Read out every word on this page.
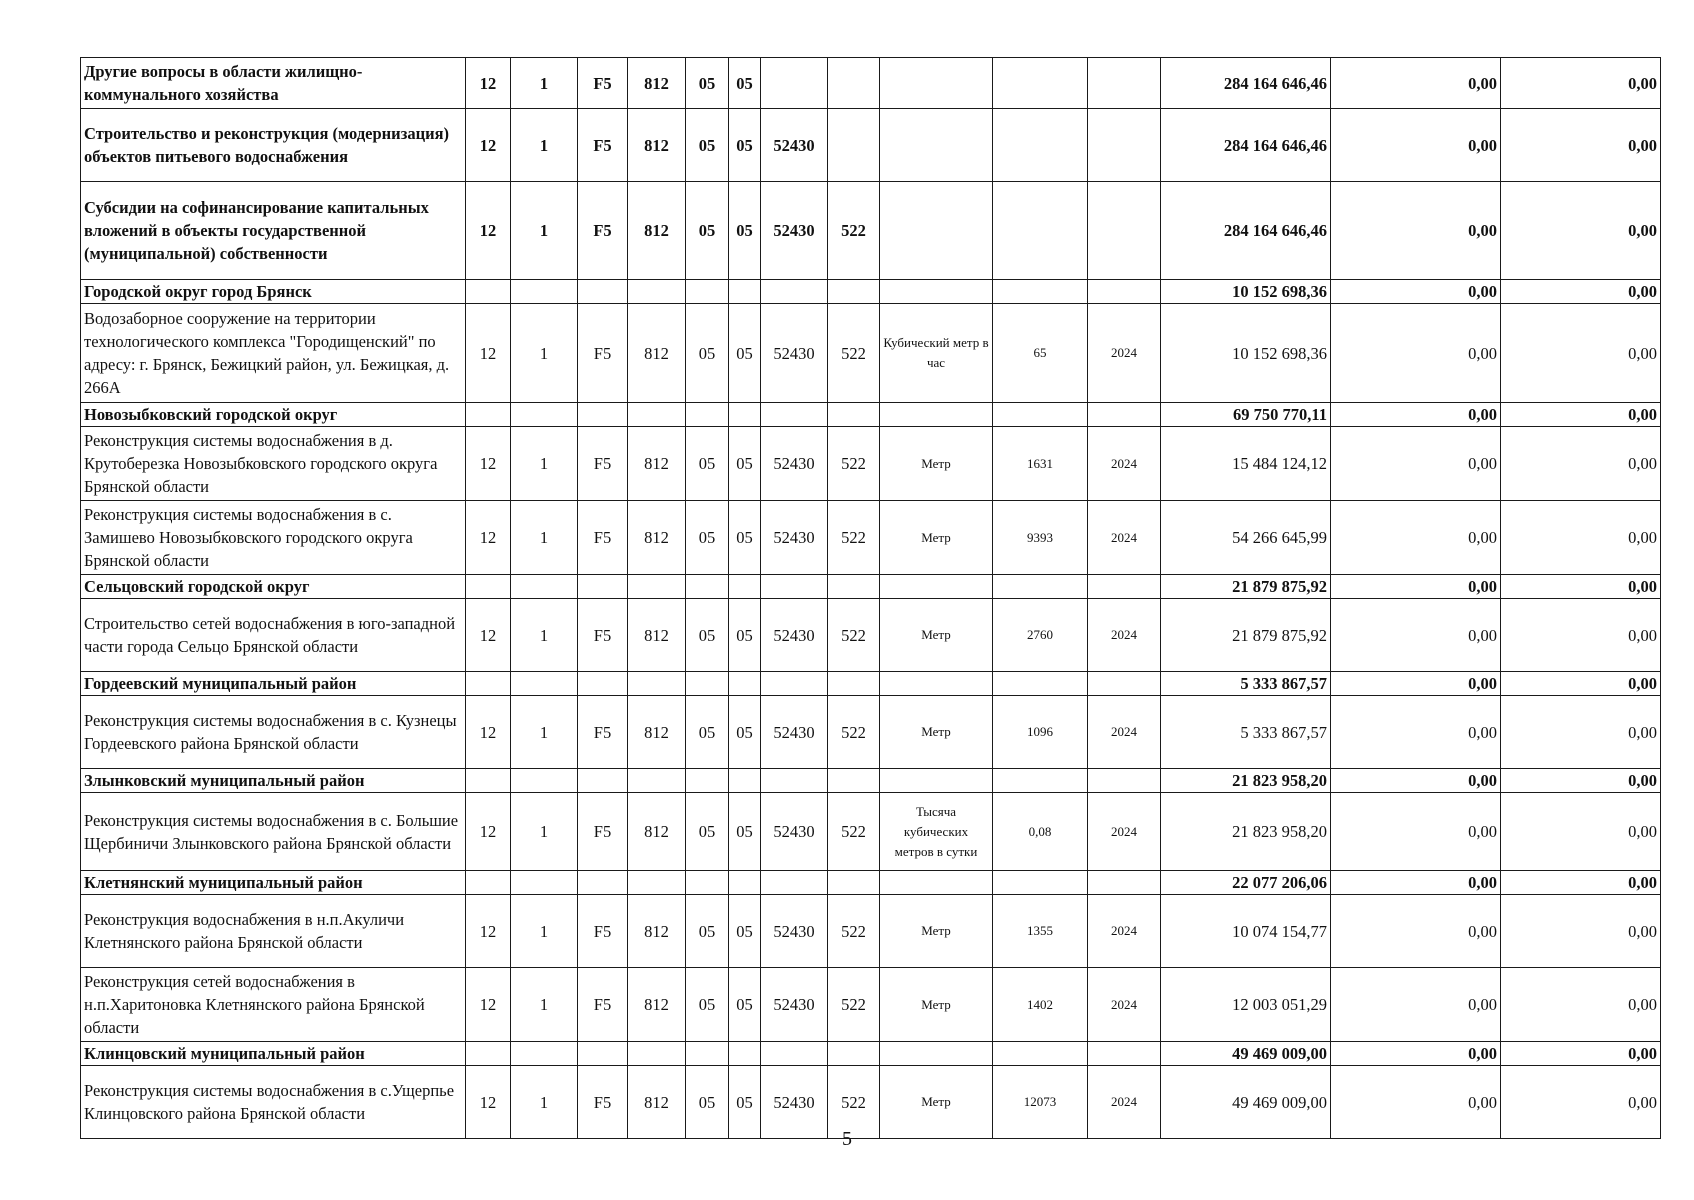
Другие вопросы в области жилищно-коммунального хозяйства	12	1	F5	812	05	05						284 164 646,46	0,00	0,00
Строительство и реконструкция (модернизация) объектов питьевого водоснабжения	12	1	F5	812	05	05	52430					284 164 646,46	0,00	0,00
Субсидии на софинансирование капитальных вложений в объекты государственной (муниципальной) собственности	12	1	F5	812	05	05	52430	522				284 164 646,46	0,00	0,00
Городской округ город Брянск												10 152 698,36	0,00	0,00
Водозаборное сооружение на территории технологического комплекса "Городищенский" по адресу: г. Брянск, Бежицкий район, ул. Бежицкая, д. 266А	12	1	F5	812	05	05	52430	522	Кубический метр в час	65	2024	10 152 698,36	0,00	0,00
Новозыбковский городской округ												69 750 770,11	0,00	0,00
Реконструкция системы водоснабжения в д. Крутоберезка Новозыбковского городского округа Брянской области	12	1	F5	812	05	05	52430	522	Метр	1631	2024	15 484 124,12	0,00	0,00
Реконструкция системы водоснабжения в с. Замишево Новозыбковского городского округа Брянской области	12	1	F5	812	05	05	52430	522	Метр	9393	2024	54 266 645,99	0,00	0,00
Сельцовский городской округ												21 879 875,92	0,00	0,00
Строительство сетей водоснабжения в юго-западной части города Сельцо Брянской области	12	1	F5	812	05	05	52430	522	Метр	2760	2024	21 879 875,92	0,00	0,00
Гордеевский муниципальный район												5 333 867,57	0,00	0,00
Реконструкция системы водоснабжения в с. Кузнецы Гордеевского района Брянской области	12	1	F5	812	05	05	52430	522	Метр	1096	2024	5 333 867,57	0,00	0,00
Злынковский муниципальный район												21 823 958,20	0,00	0,00
Реконструкция системы водоснабжения в с. Большие Щербиничи Злынковского района Брянской области	12	1	F5	812	05	05	52430	522	Тысяча кубических метров в сутки	0,08	2024	21 823 958,20	0,00	0,00
Клетнянский муниципальный район												22 077 206,06	0,00	0,00
Реконструкция водоснабжения в н.п.Акуличи Клетнянского района Брянской области	12	1	F5	812	05	05	52430	522	Метр	1355	2024	10 074 154,77	0,00	0,00
Реконструкция сетей водоснабжения в н.п.Харитоновка Клетнянского района Брянской области	12	1	F5	812	05	05	52430	522	Метр	1402	2024	12 003 051,29	0,00	0,00
Клинцовский муниципальный район												49 469 009,00	0,00	0,00
Реконструкция системы водоснабжения в с.Ущерпье Клинцовского района Брянской области	12	1	F5	812	05	05	52430	522	Метр	12073	2024	49 469 009,00	0,00	0,00
5
